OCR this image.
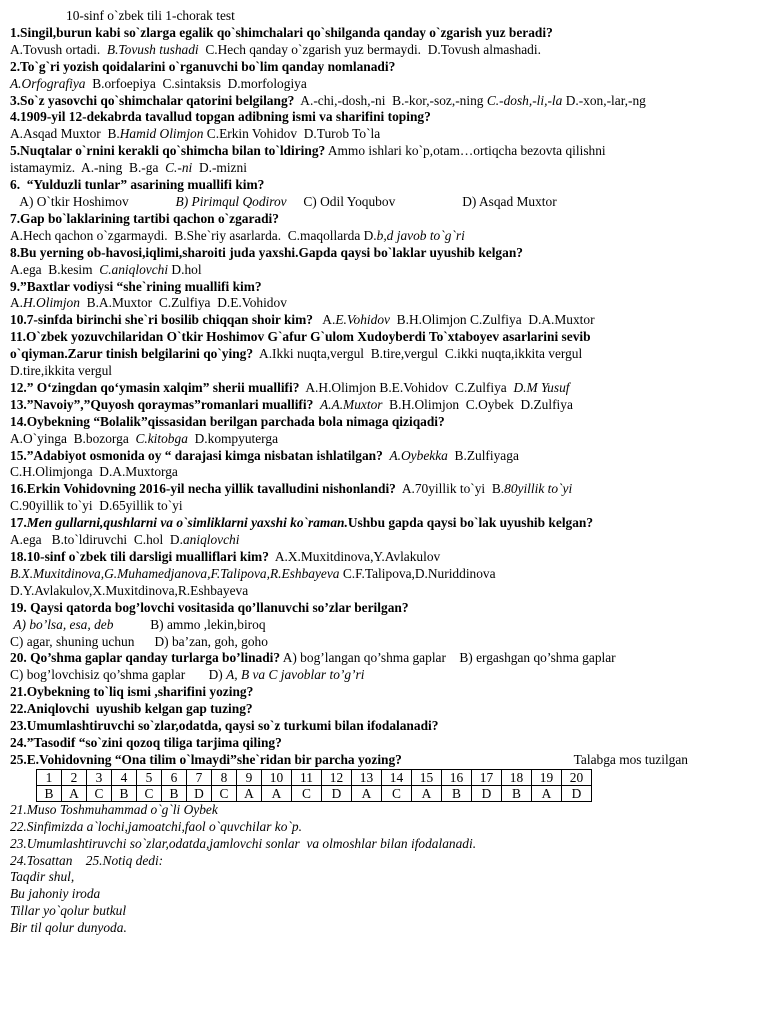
10-sinf o`zbek tili 1-chorak test
1.Singil,burun kabi so`zlarga egalik qo`shimchalari qo`shilganda qanday o`zgarish yuz beradi?
A.Tovush ortadi.  B.Tovush tushadi  C.Hech qanday o`zgarish yuz bermaydi.  D.Tovush almashadi.
2.To`g`ri yozish qoidalarini o`rganuvchi bo`lim qanday nomlanadi?
A.Orfografiya  B.orfoepiya  C.sintaksis  D.morfologiya
3.So`z yasovchi qo`shimchalar qatorini belgilang?  A.-chi,-dosh,-ni  B.-kor,-soz,-ning C.-dosh,-li,-la D.-xon,-lar,-ng
4.1909-yil 12-dekabrda tavallud topgan adibning ismi va sharifini toping?
A.Asqad Muxtor  B.Hamid Olimjon C.Erkin Vohidov  D.Turob To`la
5.Nuqtalar o`rnini kerakli qo`shimcha bilan to`ldiring? Ammo ishlari ko`p,otam…ortiqcha bezovta qilishni
istamaymiz.  A.-ning  B.-ga  C.-ni  D.-mizni
6.  “Yulduzli tunlar” asarining muallifi kim?
A) O`tkir Hoshimov              B) Pirimqul Qodirov     C) Odil Yoqubov                    D) Asqad Muxtor
7.Gap bo`laklarining tartibi qachon o`zgaradi?
A.Hech qachon o`zgarmaydi.  B.She`riy asarlarda.  C.maqollarda D.b,d javob to`g`ri
8.Bu yerning ob-havosi,iqlimi,sharoiti juda yaxshi.Gapda qaysi bo`laklar uyushib kelgan?
A.ega  B.kesim  C.aniqlovchi D.hol
9.”Baxtlar vodiysi “she`rining muallifi kim?
A.H.Olimjon  B.A.Muxtor  C.Zulfiya  D.E.Vohidov
10.7-sinfda birinchi she`ri bosilib chiqqan shoir kim?   A.E.Vohidov  B.H.Olimjon C.Zulfiya  D.A.Muxtor
11.O`zbek yozuvchilaridan O`tkir Hoshimov G`afur G`ulom Xudoyberdi To`xtaboyev asarlarini sevib
o`qiyman.Zarur tinish belgilarini qo`ying?  A.Ikki nuqta,vergul  B.tire,vergul  C.ikki nuqta,ikkita vergul
D.tire,ikkita vergul
12.” O‘zingdan qo‘ymasin xalqim” sherii muallifi?  A.H.Olimjon B.E.Vohidov  C.Zulfiya  D.M Yusuf
13.”Navoiy”,”Quyosh qoraymas”romanlari muallifi? A.A.Muxtor  B.H.Olimjon  C.Oybek  D.Zulfiya
14.Oybekning “Bolalik”qissasidan berilgan parchada bola nimaga qiziqadi?
A.O`yinga  B.bozorga  C.kitobga  D.kompyuterga
15.”Adabiyot osmonida oy “ darajasi kimga nisbatan ishlatilgan? A.Oybekka  B.Zulfiyaga
C.H.Olimjonga  D.A.Muxtorga
16.Erkin Vohidovning 2016-yil necha yillik tavalludini nishonlandi?  A.70yillik to`yi  B.80yillik to`yi
C.90yillik to`yi  D.65yillik to`yi
17.Men gullarni,qushlarni va o`simliklarni yaxshi ko`raman.Ushbu gapda qaysi bo`lak uyushib kelgan?
A.ega   B.to`ldiruvchi  C.hol  D.aniqlovchi
18.10-sinf o`zbek tili darsligi mualliflari kim?  A.X.Muxitdinova,Y.Avlakulov
B.X.Muxitdinova,G.Muhamedjanova,F.Talipova,R.Eshbayeva C.F.Talipova,D.Nuriddinova
D.Y.Avlakulov,X.Muxitdinova,R.Eshbayeva
19. Qaysi qatorda bog’lovchi vositasida qo’llanuvchi so’zlar berilgan?
A) bo’lsa, esa, deb           B) ammo ,lekin,biroq
C) agar, shuning uchun      D) ba’zan, goh, goho
20. Qo’shma gaplar qanday turlarga bo’linadi? A) bog’langan qo’shma gaplar    B) ergashgan qo’shma gaplar
C) bog’lovchisiz qo’shma gaplar       D) A, B va C javoblar to’g’ri
21.Oybekning to`liq ismi ,sharifini yozing?
22.Aniqlovchi  uyushib kelgan gap tuzing?
23.Umumlashtiruvchi so`zlar,odatda, qaysi so`z turkumi bilan ifodalanadi?
24.”Tasodif “so`zini qozoq tiliga tarjima qiling?
25.E.Vohidovning “Ona tilim o`lmaydi”she`ridan bir parcha yozing?	Talabga mos tuzilgan
1	2	3	4	5	6	7	8	9	10	11	12	13	14	15	16	17	18	19	20
B	A	C	B	C	B	D	C	A	A	C	D	A	C	A	B	D	B	A	D
21.Muso Toshmuhammad o`g`li Oybek
22.Sinfimizda a`lochi,jamoatchi,faol o`quvchilar ko`p.
23.Umumlashtiruvchi so`zlar,odatda,jamlovchi sonlar  va olmoshlar bilan ifodalanadi.
24.Tosattan    25.Notiq dedi:
Taqdir shul,
Bu jahoniy iroda
Tillar yo`qolur butkul
Bir til qolur dunyoda.
